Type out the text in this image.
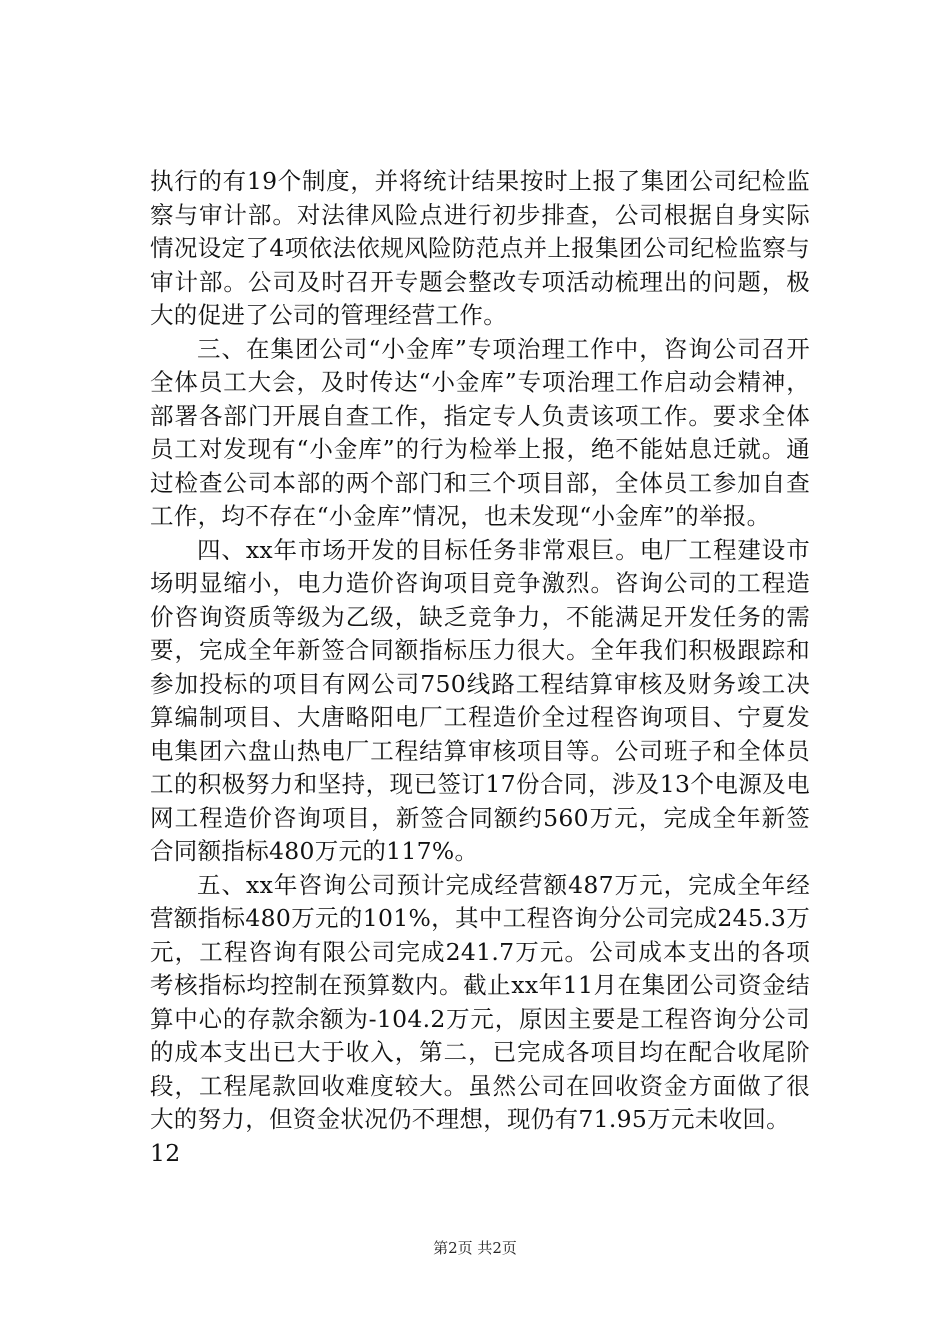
执行的有19个制度，并将统计结果按时上报了集团公司纪检监察与审计部。对法律风险点进行初步排查，公司根据自身实际情况设定了4项依法依规风险防范点并上报集团公司纪检监察与审计部。公司及时召开专题会整改专项活动梳理出的问题，极大的促进了公司的管理经营工作。

三、在集团公司“小金库”专项治理工作中，咨询公司召开全体员工大会，及时传达“小金库”专项治理工作启动会精神，部署各部门开展自查工作，指定专人负责该项工作。要求全体员工对发现有“小金库”的行为检举上报，绝不能姑息迁就。通过检查公司本部的两个部门和三个项目部，全体员工参加自查工作，均不存在“小金库”情况，也未发现“小金库”的举报。

四、xx年市场开发的目标任务非常艰巨。电厂工程建设市场明显缩小，电力造价咨询项目竞争激烈。咨询公司的工程造价咨询资质等级为乙级，缺乏竞争力，不能满足开发任务的需要，完成全年新签合同额指标压力很大。全年我们积极跟踪和参加投标的项目有网公司750线路工程结算审核及财务竣工决算编制项目、大唐略阳电厂工程造价全过程咨询项目、宁夏发电集团六盘山热电厂工程结算审核项目等。公司班子和全体员工的积极努力和坚持，现已签订17份合同，涉及13个电源及电网工程造价咨询项目，新签合同额约560万元，完成全年新签合同额指标480万元的117%。

五、xx年咨询公司预计完成经营额487万元，完成全年经营额指标480万元的101%，其中工程咨询分公司完成245.3万元，工程咨询有限公司完成241.7万元。公司成本支出的各项考核指标均控制在预算数内。截止xx年11月在集团公司资金结算中心的存款余额为-104.2万元，原因主要是工程咨询分公司的成本支出已大于收入，第二，已完成各项目均在配合收尾阶段，工程尾款回收难度较大。虽然公司在回收资金方面做了很大的努力，但资金状况仍不理想，现仍有71.95万元未收回。

12

第2页 共2页
